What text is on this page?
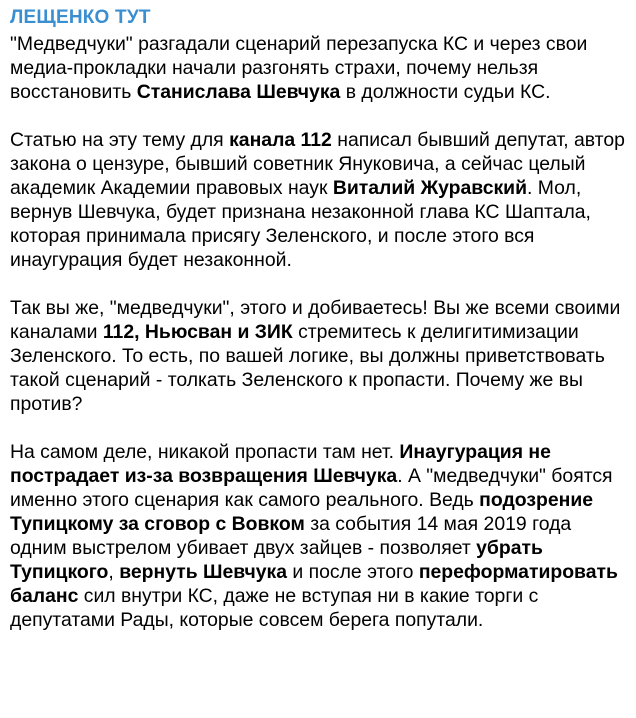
ЛЕЩЕНКО ТУТ

"Медведчуки" разгадали сценарий перезапуска КС и через свои медиа-прокладки начали разгонять страхи, почему нельзя восстановить Станислава Шевчука в должности судьи КС.

Статью на эту тему для канала 112 написал бывший депутат, автор закона о цензуре, бывший советник Януковича, а сейчас целый академик Академии правовых наук Виталий Журавский. Мол, вернув Шевчука, будет признана незаконной глава КС Шаптала, которая принимала присягу Зеленского, и после этого вся инаугурация будет незаконной.

Так вы же, "медведчуки", этого и добиваетесь! Вы же всеми своими каналами 112, Ньюсван и ЗИК стремитесь к делигитимизации Зеленского. То есть, по вашей логике, вы должны приветствовать такой сценарий - толкать Зеленского к пропасти. Почему же вы против?

На самом деле, никакой пропасти там нет. Инаугурация не пострадает из-за возвращения Шевчука. А "медведчуки" боятся именно этого сценария как самого реального. Ведь подозрение Тупицкому за сговор с Вовком за события 14 мая 2019 года одним выстрелом убивает двух зайцев - позволяет убрать Тупицкого, вернуть Шевчука и после этого переформатировать баланс сил внутри КС, даже не вступая ни в какие торги с депутатами Рады, которые совсем берега попутали.
